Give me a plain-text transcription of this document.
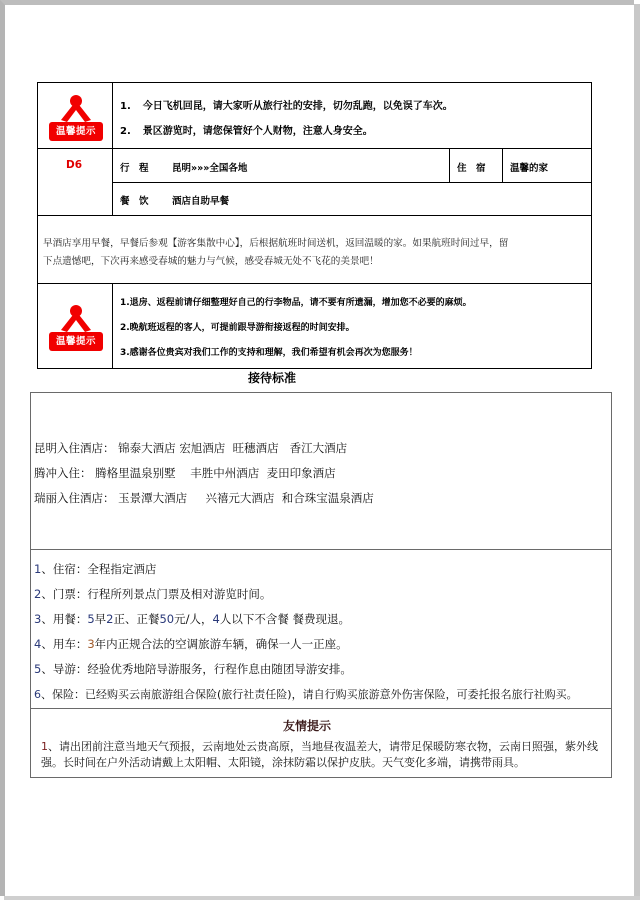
温馨提示
1. 今日飞机回昆，请大家听从旅行社的安排，切勿乱跑，以免误了车次。
2. 景区游览时，请您保管好个人财物，注意人身安全。
D6	行　程 昆明»»»全国各地	住　宿	温馨的家
餐　饮 酒店自助早餐
早酒店享用早餐，早餐后参观【游客集散中心】，后根据航班时间送机，返回温暖的家。如果航班时间过早，留
下点遗憾吧，下次再来感受春城的魅力与气候，感受春城无处不飞花的美景吧！
温馨提示
1.退房、返程前请仔细整理好自己的行李物品，请不要有所遗漏，增加您不必要的麻烦。
2.晚航班返程的客人，可提前跟导游衔接返程的时间安排。
3.感谢各位贵宾对我们工作的支持和理解，我们希望有机会再次为您服务！
接待标准
昆明入住酒店： 锦泰大酒店 宏旭酒店 旺穗酒店 香江大酒店
腾冲入住： 腾格里温泉别墅 丰胜中州酒店 麦田印象酒店
瑞丽入住酒店： 玉景潭大酒店 兴禧元大酒店 和合珠宝温泉酒店
1、住宿：全程指定酒店
2、门票：行程所列景点门票及相对游览时间。
3、用餐：5早2正、正餐50元/人，4人以下不含餐 餐费现退。
4、用车：3年内正规合法的空调旅游车辆，确保一人一正座。
5、导游：经验优秀地陪导游服务，行程作息由随团导游安排。
6、保险：已经购买云南旅游组合保险(旅行社责任险)，请自行购买旅游意外伤害保险，可委托报名旅行社购买。
友情提示
1、请出团前注意当地天气预报，云南地处云贵高原，当地昼夜温差大，请带足保暖防寒衣物，云南日照强，紫外线
强。长时间在户外活动请戴上太阳帽、太阳镜，涂抹防霜以保护皮肤。天气变化多端，请携带雨具。
